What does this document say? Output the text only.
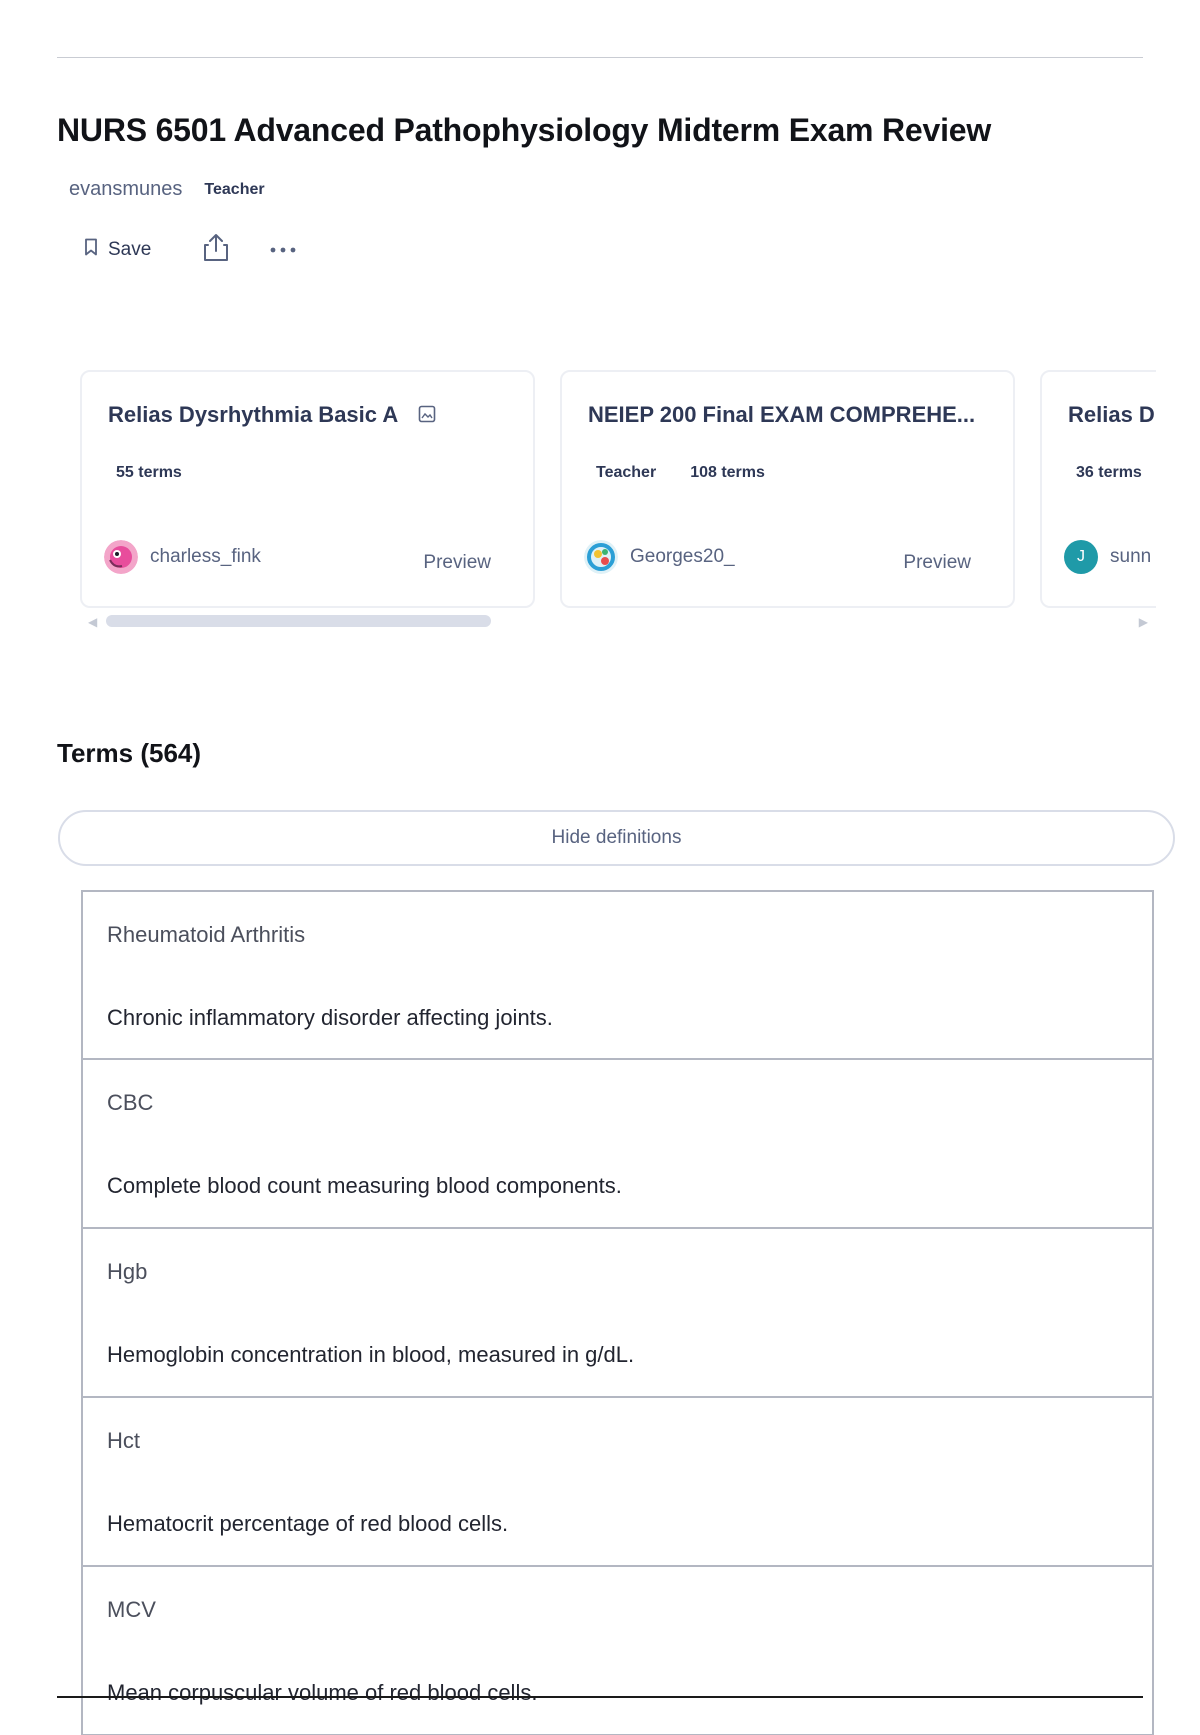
NURS 6501 Advanced Pathophysiology Midterm Exam Review
evansmunes Teacher
Save
Relias Dysrhythmia Basic A
55 terms
charless_fink	Preview
NEIEP 200 Final EXAM COMPREHE...
Teacher 108 terms
Georges20_	Preview
Relias D
36 terms
J	sunn
◀	▶
Terms (564)
Hide definitions
Rheumatoid Arthritis
Chronic inflammatory disorder affecting joints.
CBC
Complete blood count measuring blood components.
Hgb
Hemoglobin concentration in blood, measured in g/dL.
Hct
Hematocrit percentage of red blood cells.
MCV
Mean corpuscular volume of red blood cells.
